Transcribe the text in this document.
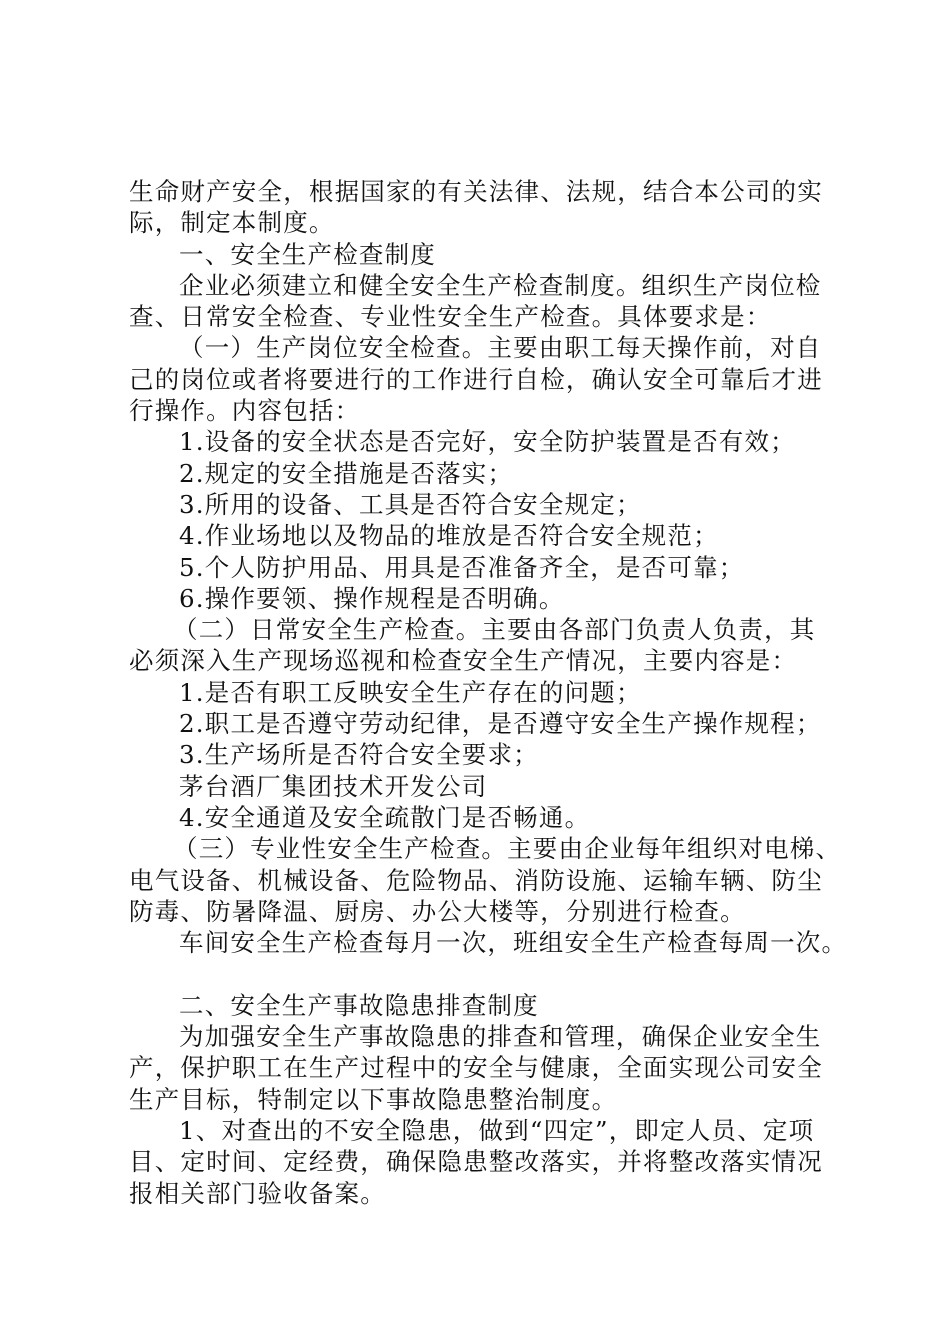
生命财产安全，根据国家的有关法律、法规，结合本公司的实
际，制定本制度。
一、安全生产检查制度
企业必须建立和健全安全生产检查制度。组织生产岗位检
查、日常安全检查、专业性安全生产检查。具体要求是：
（一）生产岗位安全检查。主要由职工每天操作前，对自
己的岗位或者将要进行的工作进行自检，确认安全可靠后才进
行操作。内容包括：
1.设备的安全状态是否完好，安全防护装置是否有效；
2.规定的安全措施是否落实；
3.所用的设备、工具是否符合安全规定；
4.作业场地以及物品的堆放是否符合安全规范；
5.个人防护用品、用具是否准备齐全，是否可靠；
6.操作要领、操作规程是否明确。
（二）日常安全生产检查。主要由各部门负责人负责，其
必须深入生产现场巡视和检查安全生产情况，主要内容是：
1.是否有职工反映安全生产存在的问题；
2.职工是否遵守劳动纪律，是否遵守安全生产操作规程；
3.生产场所是否符合安全要求；
茅台酒厂集团技术开发公司
4.安全通道及安全疏散门是否畅通。
（三）专业性安全生产检查。主要由企业每年组织对电梯、
电气设备、机械设备、危险物品、消防设施、运输车辆、防尘
防毒、防暑降温、厨房、办公大楼等，分别进行检查。
车间安全生产检查每月一次，班组安全生产检查每周一次。
二、安全生产事故隐患排查制度
为加强安全生产事故隐患的排查和管理，确保企业安全生
产，保护职工在生产过程中的安全与健康，全面实现公司安全
生产目标，特制定以下事故隐患整治制度。
1、对查出的不安全隐患，做到“四定”，即定人员、定项
目、定时间、定经费，确保隐患整改落实，并将整改落实情况
报相关部门验收备案。
